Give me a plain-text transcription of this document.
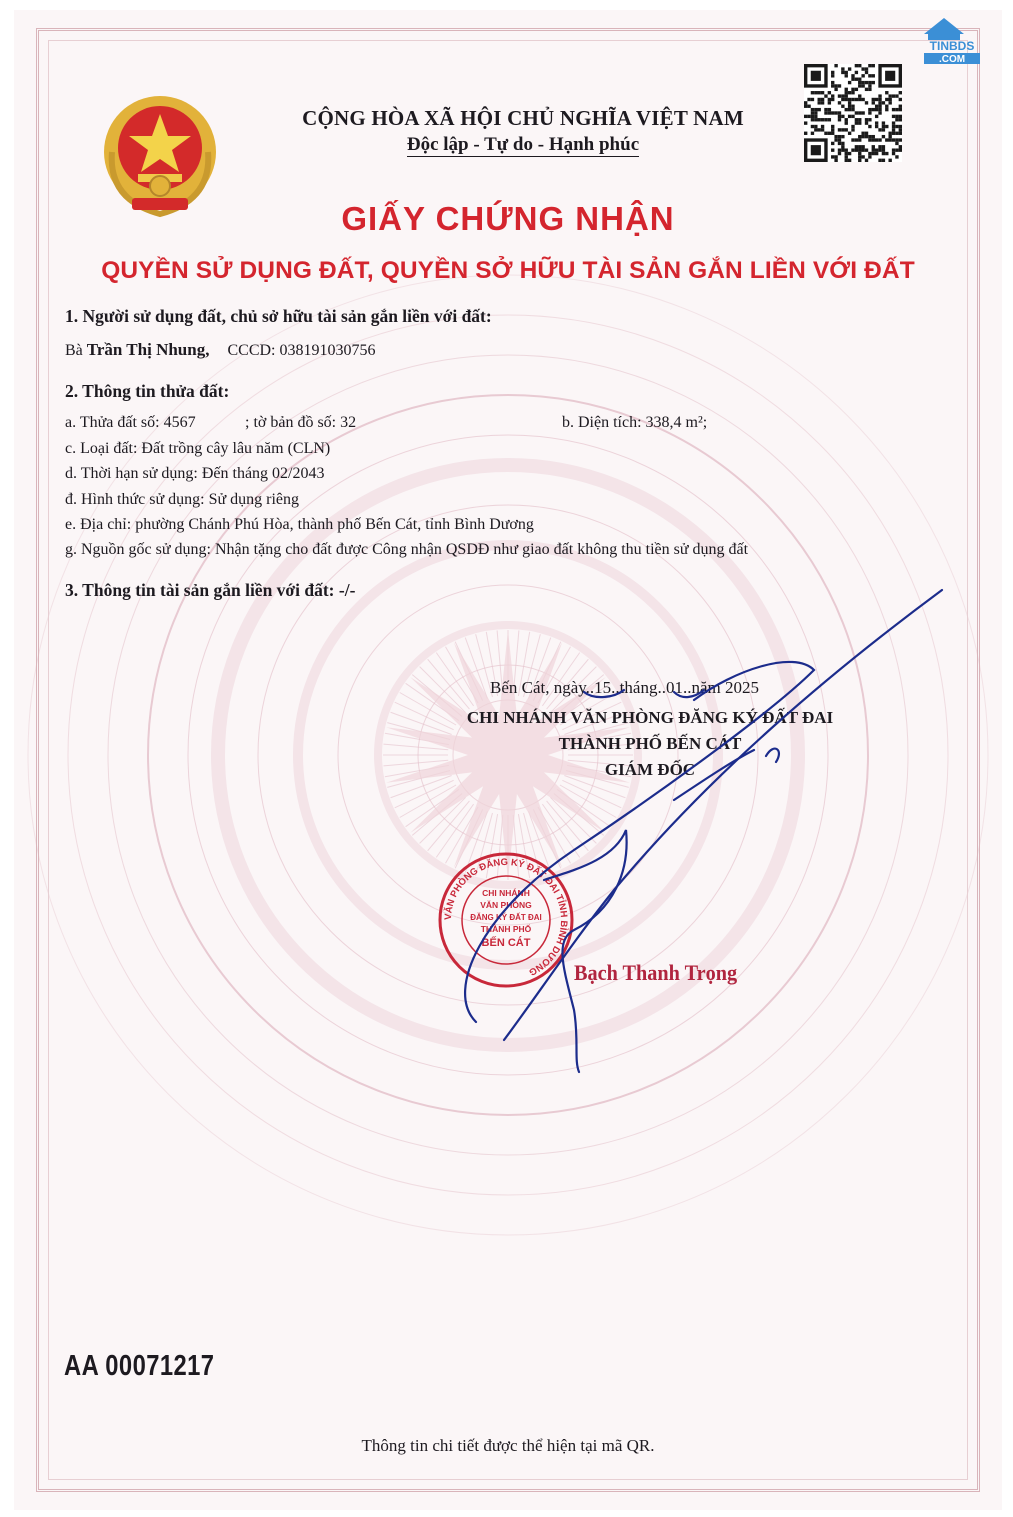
TINBDS
.COM
CỘNG HÒA XÃ HỘI CHỦ NGHĨA VIỆT NAM
Độc lập - Tự do - Hạnh phúc
GIẤY CHỨNG NHẬN
QUYỀN SỬ DỤNG ĐẤT, QUYỀN SỞ HỮU TÀI SẢN GẮN LIỀN VỚI ĐẤT
1. Người sử dụng đất, chủ sở hữu tài sản gắn liền với đất:
Bà Trần Thị Nhung, CCCD: 038191030756
2. Thông tin thửa đất:
a. Thửa đất số: 4567	; tờ bản đồ số: 32	b. Diện tích: 338,4 m²;
c. Loại đất: Đất trồng cây lâu năm (CLN)
d. Thời hạn sử dụng: Đến tháng 02/2043
đ. Hình thức sử dụng: Sử dụng riêng
e. Địa chỉ: phường Chánh Phú Hòa, thành phố Bến Cát, tỉnh Bình Dương
g. Nguồn gốc sử dụng: Nhận tặng cho đất được Công nhận QSDĐ như giao đất không thu tiền sử dụng đất
3. Thông tin tài sản gắn liền với đất: -/-
Bến Cát, ngày..15..tháng..01..năm 2025
CHI NHÁNH VĂN PHÒNG ĐĂNG KÝ ĐẤT ĐAI
THÀNH PHỐ BẾN CÁT
GIÁM ĐỐC
VĂN PHÒNG ĐĂNG KÝ ĐẤT ĐAI TỈNH BÌNH DƯƠNG
CHI NHÁNH
VĂN PHÒNG
ĐĂNG KÝ ĐẤT ĐAI
THÀNH PHỐ
BẾN CÁT
Bạch Thanh Trọng
AA 00071217
Thông tin chi tiết được thể hiện tại mã QR.
